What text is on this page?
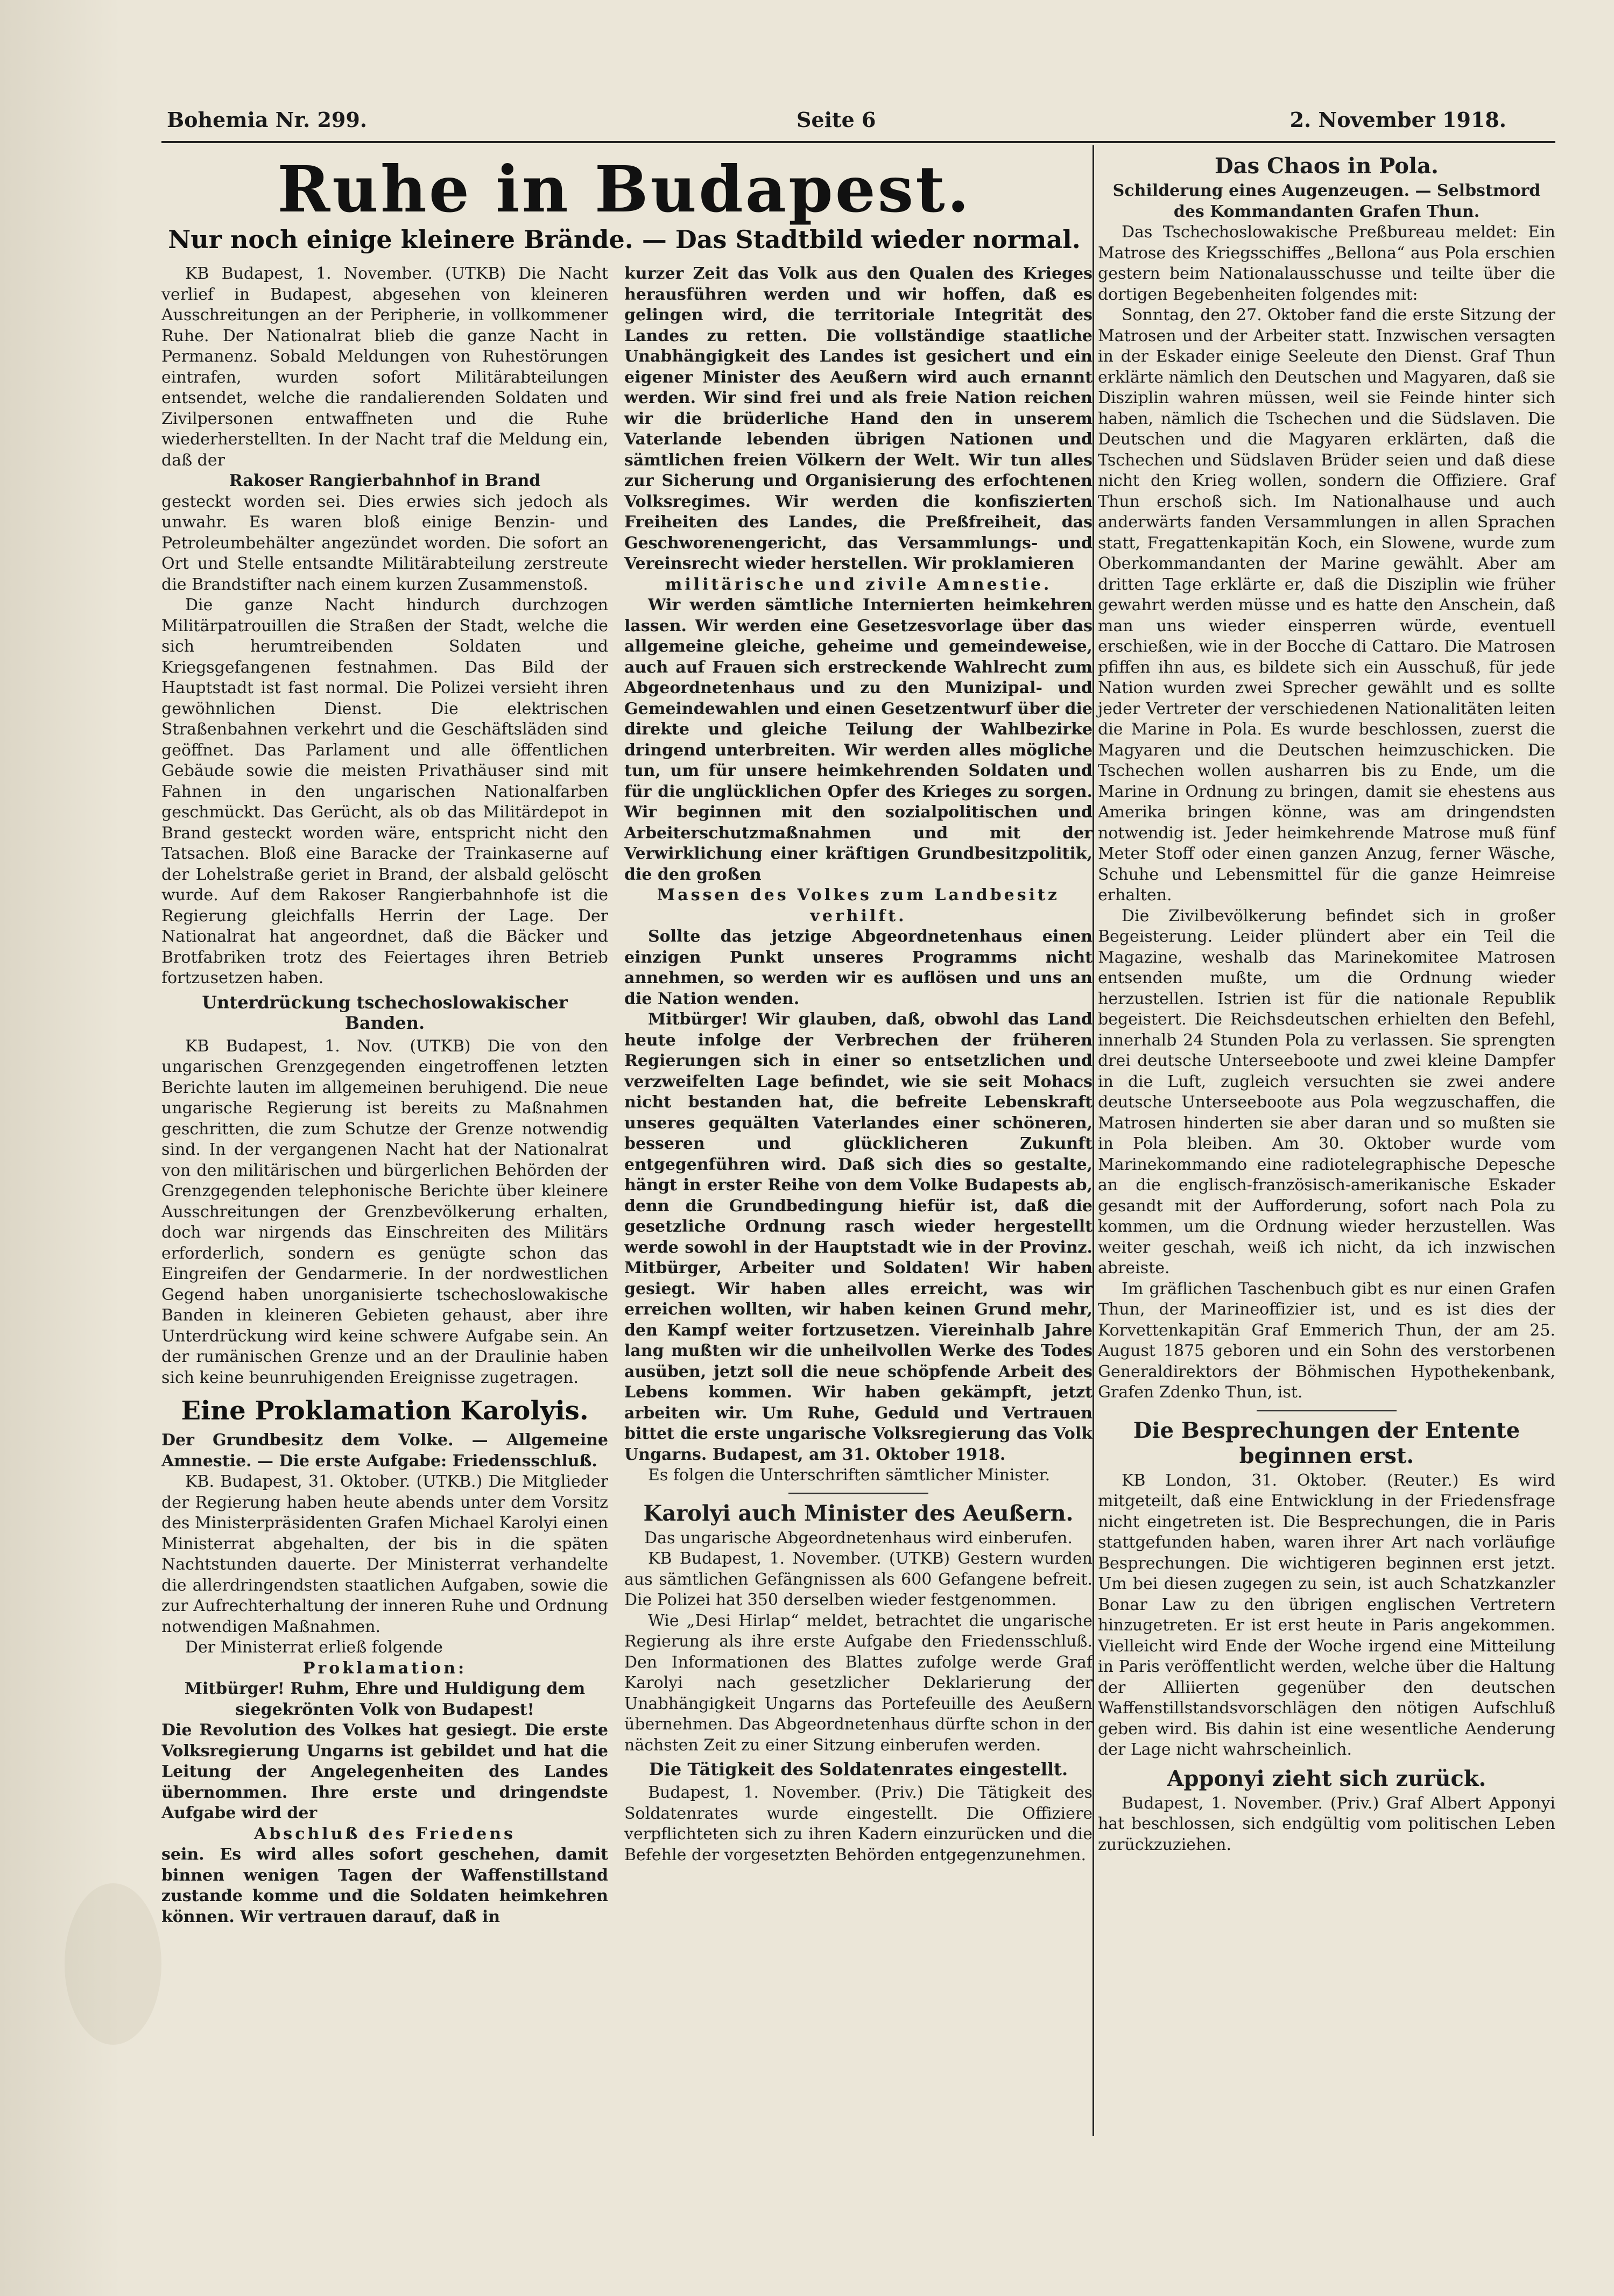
Bohemia Nr. 299.	Seite 6	2. November 1918.
Ruhe in Budapest.
Nur noch einige kleinere Brände. — Das Stadtbild wieder normal.

KB Budapest, 1. November. (UTKB) Die Nacht verlief in Budapest, abgesehen von kleineren Ausschreitungen an der Peripherie, in vollkommener Ruhe. Der Nationalrat blieb die ganze Nacht in Permanenz. Sobald Meldungen von Ruhestörungen eintrafen, wurden sofort Militärabteilungen entsendet, welche die randalierenden Soldaten und Zivilpersonen entwaffneten und die Ruhe wiederherstellten. In der Nacht traf die Meldung ein, daß der

Rakoser Rangierbahnhof in Brand

gesteckt worden sei. Dies erwies sich jedoch als unwahr. Es waren bloß einige Benzin- und Petroleumbehälter angezündet worden. Die sofort an Ort und Stelle entsandte Militärabteilung zerstreute die Brandstifter nach einem kurzen Zusammenstoß.

Die ganze Nacht hindurch durchzogen Militärpatrouillen die Straßen der Stadt, welche die sich herumtreibenden Soldaten und Kriegsgefangenen festnahmen. Das Bild der Hauptstadt ist fast normal. Die Polizei versieht ihren gewöhnlichen Dienst. Die elektrischen Straßenbahnen verkehrt und die Geschäftsläden sind geöffnet. Das Parlament und alle öffentlichen Gebäude sowie die meisten Privathäuser sind mit Fahnen in den ungarischen Nationalfarben geschmückt. Das Gerücht, als ob das Militärdepot in Brand gesteckt worden wäre, entspricht nicht den Tatsachen. Bloß eine Baracke der Trainkaserne auf der Lohelstraße geriet in Brand, der alsbald gelöscht wurde. Auf dem Rakoser Rangierbahnhofe ist die Regierung gleichfalls Herrin der Lage. Der Nationalrat hat angeordnet, daß die Bäcker und Brotfabriken trotz des Feiertages ihren Betrieb fortzusetzen haben.

Unterdrückung tschechoslowakischer Banden.

KB Budapest, 1. Nov. (UTKB) Die von den ungarischen Grenzgegenden eingetroffenen letzten Berichte lauten im allgemeinen beruhigend. Die neue ungarische Regierung ist bereits zu Maßnahmen geschritten, die zum Schutze der Grenze notwendig sind. In der vergangenen Nacht hat der Nationalrat von den militärischen und bürgerlichen Behörden der Grenzgegenden telephonische Berichte über kleinere Ausschreitungen der Grenzbevölkerung erhalten, doch war nirgends das Einschreiten des Militärs erforderlich, sondern es genügte schon das Eingreifen der Gendarmerie. In der nordwestlichen Gegend haben unorganisierte tschechoslowakische Banden in kleineren Gebieten gehaust, aber ihre Unterdrückung wird keine schwere Aufgabe sein. An der rumänischen Grenze und an der Draulinie haben sich keine beunruhigenden Ereignisse zugetragen.

Eine Proklamation Karolyis.

Der Grundbesitz dem Volke. — Allgemeine Amnestie. — Die erste Aufgabe: Friedensschluß.

KB. Budapest, 31. Oktober. (UTKB.) Die Mitglieder der Regierung haben heute abends unter dem Vorsitz des Ministerpräsidenten Grafen Michael Karolyi einen Ministerrat abgehalten, der bis in die späten Nachtstunden dauerte. Der Ministerrat verhandelte die allerdringendsten staatlichen Aufgaben, sowie die zur Aufrechterhaltung der inneren Ruhe und Ordnung notwendigen Maßnahmen.

Der Ministerrat erließ folgende

Proklamation:

Mitbürger! Ruhm, Ehre und Huldigung dem siegekrönten Volk von Budapest!

Die Revolution des Volkes hat gesiegt. Die erste Volksregierung Ungarns ist gebildet und hat die Leitung der Angelegenheiten des Landes übernommen. Ihre erste und dringendste Aufgabe wird der

Abschluß des Friedens

sein. Es wird alles sofort geschehen, damit binnen wenigen Tagen der Waffenstillstand zustande komme und die Soldaten heimkehren können. Wir vertrauen darauf, daß in

kurzer Zeit das Volk aus den Qualen des Krieges herausführen werden und wir hoffen, daß es gelingen wird, die territoriale Integrität des Landes zu retten. Die vollständige staatliche Unabhängigkeit des Landes ist gesichert und ein eigener Minister des Aeußern wird auch ernannt werden. Wir sind frei und als freie Nation reichen wir die brüderliche Hand den in unserem Vaterlande lebenden übrigen Nationen und sämtlichen freien Völkern der Welt. Wir tun alles zur Sicherung und Organisierung des erfochtenen Volksregimes. Wir werden die konfiszierten Freiheiten des Landes, die Preßfreiheit, das Geschworenengericht, das Versammlungs- und Vereinsrecht wieder herstellen. Wir proklamieren

militärische und zivile Amnestie.

Wir werden sämtliche Internierten heimkehren lassen. Wir werden eine Gesetzesvorlage über das allgemeine gleiche, geheime und gemeindeweise, auch auf Frauen sich erstreckende Wahlrecht zum Abgeordnetenhaus und zu den Munizipal- und Gemeindewahlen und einen Gesetzentwurf über die direkte und gleiche Teilung der Wahlbezirke dringend unterbreiten. Wir werden alles mögliche tun, um für unsere heimkehrenden Soldaten und für die unglücklichen Opfer des Krieges zu sorgen. Wir beginnen mit den sozialpolitischen und Arbeiterschutzmaßnahmen und mit der Verwirklichung einer kräftigen Grundbesitzpolitik, die den großen

Massen des Volkes zum Landbesitz verhilft.

Sollte das jetzige Abgeordnetenhaus einen einzigen Punkt unseres Programms nicht annehmen, so werden wir es auflösen und uns an die Nation wenden.

Mitbürger! Wir glauben, daß, obwohl das Land heute infolge der Verbrechen der früheren Regierungen sich in einer so entsetzlichen und verzweifelten Lage befindet, wie sie seit Mohacs nicht bestanden hat, die befreite Lebenskraft unseres gequälten Vaterlandes einer schöneren, besseren und glücklicheren Zukunft entgegenführen wird. Daß sich dies so gestalte, hängt in erster Reihe von dem Volke Budapests ab, denn die Grundbedingung hiefür ist, daß die gesetzliche Ordnung rasch wieder hergestellt werde sowohl in der Hauptstadt wie in der Provinz. Mitbürger, Arbeiter und Soldaten! Wir haben gesiegt. Wir haben alles erreicht, was wir erreichen wollten, wir haben keinen Grund mehr, den Kampf weiter fortzusetzen. Viereinhalb Jahre lang mußten wir die unheilvollen Werke des Todes ausüben, jetzt soll die neue schöpfende Arbeit des Lebens kommen. Wir haben gekämpft, jetzt arbeiten wir. Um Ruhe, Geduld und Vertrauen bittet die erste ungarische Volksregierung das Volk Ungarns. Budapest, am 31. Oktober 1918.

Es folgen die Unterschriften sämtlicher Minister.

Karolyi auch Minister des Aeußern.

Das ungarische Abgeordnetenhaus wird einberufen.

KB Budapest, 1. November. (UTKB) Gestern wurden aus sämtlichen Gefängnissen als 600 Gefangene befreit. Die Polizei hat 350 derselben wieder festgenommen.

Wie „Desi Hirlap“ meldet, betrachtet die ungarische Regierung als ihre erste Aufgabe den Friedensschluß. Den Informationen des Blattes zufolge werde Graf Karolyi nach gesetzlicher Deklarierung der Unabhängigkeit Ungarns das Portefeuille des Aeußern übernehmen. Das Abgeordnetenhaus dürfte schon in der nächsten Zeit zu einer Sitzung einberufen werden.

Die Tätigkeit des Soldatenrates eingestellt.

Budapest, 1. November. (Priv.) Die Tätigkeit des Soldatenrates wurde eingestellt. Die Offiziere verpflichteten sich zu ihren Kadern einzurücken und die Befehle der vorgesetzten Behörden entgegenzunehmen.

Das Chaos in Pola.

Schilderung eines Augenzeugen. — Selbstmord des Kommandanten Grafen Thun.

Das Tschechoslowakische Preßbureau meldet: Ein Matrose des Kriegsschiffes „Bellona“ aus Pola erschien gestern beim Nationalausschusse und teilte über die dortigen Begebenheiten folgendes mit:

Sonntag, den 27. Oktober fand die erste Sitzung der Matrosen und der Arbeiter statt. Inzwischen versagten in der Eskader einige Seeleute den Dienst. Graf Thun erklärte nämlich den Deutschen und Magyaren, daß sie Disziplin wahren müssen, weil sie Feinde hinter sich haben, nämlich die Tschechen und die Südslaven. Die Deutschen und die Magyaren erklärten, daß die Tschechen und Südslaven Brüder seien und daß diese nicht den Krieg wollen, sondern die Offiziere. Graf Thun erschoß sich. Im Nationalhause und auch anderwärts fanden Versammlungen in allen Sprachen statt, Fregattenkapitän Koch, ein Slowene, wurde zum Oberkommandanten der Marine gewählt. Aber am dritten Tage erklärte er, daß die Disziplin wie früher gewahrt werden müsse und es hatte den Anschein, daß man uns wieder einsperren würde, eventuell erschießen, wie in der Bocche di Cattaro. Die Matrosen pfiffen ihn aus, es bildete sich ein Ausschuß, für jede Nation wurden zwei Sprecher gewählt und es sollte jeder Vertreter der verschiedenen Nationalitäten leiten die Marine in Pola. Es wurde beschlossen, zuerst die Magyaren und die Deutschen heimzuschicken. Die Tschechen wollen ausharren bis zu Ende, um die Marine in Ordnung zu bringen, damit sie ehestens aus Amerika bringen könne, was am dringendsten notwendig ist. Jeder heimkehrende Matrose muß fünf Meter Stoff oder einen ganzen Anzug, ferner Wäsche, Schuhe und Lebensmittel für die ganze Heimreise erhalten.

Die Zivilbevölkerung befindet sich in großer Begeisterung. Leider plündert aber ein Teil die Magazine, weshalb das Marinekomitee Matrosen entsenden mußte, um die Ordnung wieder herzustellen. Istrien ist für die nationale Republik begeistert. Die Reichsdeutschen erhielten den Befehl, innerhalb 24 Stunden Pola zu verlassen. Sie sprengten drei deutsche Unterseeboote und zwei kleine Dampfer in die Luft, zugleich versuchten sie zwei andere deutsche Unterseeboote aus Pola wegzuschaffen, die Matrosen hinderten sie aber daran und so mußten sie in Pola bleiben. Am 30. Oktober wurde vom Marinekommando eine radiotelegraphische Depesche an die englisch-französisch-amerikanische Eskader gesandt mit der Aufforderung, sofort nach Pola zu kommen, um die Ordnung wieder herzustellen. Was weiter geschah, weiß ich nicht, da ich inzwischen abreiste.

Im gräflichen Taschenbuch gibt es nur einen Grafen Thun, der Marineoffizier ist, und es ist dies der Korvettenkapitän Graf Emmerich Thun, der am 25. August 1875 geboren und ein Sohn des verstorbenen Generaldirektors der Böhmischen Hypothekenbank, Grafen Zdenko Thun, ist.

Die Besprechungen der Entente beginnen erst.

KB London, 31. Oktober. (Reuter.) Es wird mitgeteilt, daß eine Entwicklung in der Friedensfrage nicht eingetreten ist. Die Besprechungen, die in Paris stattgefunden haben, waren ihrer Art nach vorläufige Besprechungen. Die wichtigeren beginnen erst jetzt. Um bei diesen zugegen zu sein, ist auch Schatzkanzler Bonar Law zu den übrigen englischen Vertretern hinzugetreten. Er ist erst heute in Paris angekommen. Vielleicht wird Ende der Woche irgend eine Mitteilung in Paris veröffentlicht werden, welche über die Haltung der Alliierten gegenüber den deutschen Waffenstillstandsvorschlägen den nötigen Aufschluß geben wird. Bis dahin ist eine wesentliche Aenderung der Lage nicht wahrscheinlich.

Apponyi zieht sich zurück.

Budapest, 1. November. (Priv.) Graf Albert Apponyi hat beschlossen, sich endgültig vom politischen Leben zurückzuziehen.
